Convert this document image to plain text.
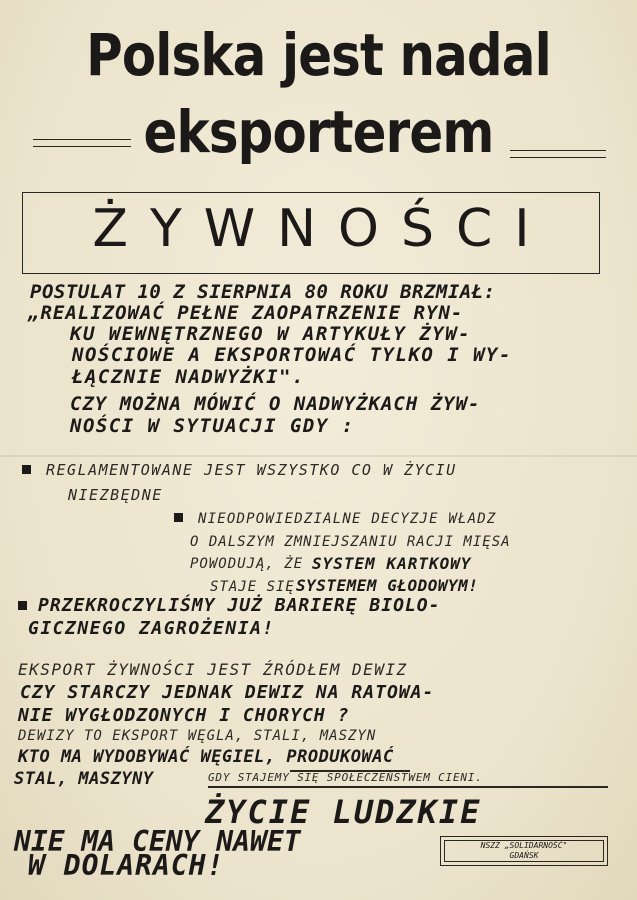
Polska jest nadal
eksporterem
ŻYWNOŚCI
POSTULAT 10 Z SIERPNIA 80 ROKU BRZMIAŁ:
„REALIZOWAĆ PEŁNE ZAOPATRZENIE RYN-
KU WEWNĘTRZNEGO W ARTYKUŁY ŻYW-
NOŚCIOWE A EKSPORTOWAĆ TYLKO I WY-
ŁĄCZNIE NADWYŻKI".
CZY MOŻNA MÓWIĆ O NADWYŻKACH ŻYW-
NOŚCI W SYTUACJI GDY :
REGLAMENTOWANE JEST WSZYSTKO CO W ŻYCIU
NIEZBĘDNE
NIEODPOWIEDZIALNE DECYZJE WŁADZ
O DALSZYM ZMNIEJSZANIU RACJI MIĘSA
POWODUJĄ, ŻE SYSTEM KARTKOWY
STAJE SIĘ SYSTEMEM GŁODOWYM!
PRZEKROCZYLIŚMY JUŻ BARIERĘ BIOLO-
GICZNEGO ZAGROŻENIA!
EKSPORT ŻYWNOŚCI JEST ŹRÓDŁEM DEWIZ
CZY STARCZY JEDNAK DEWIZ NA RATOWA-
NIE WYGŁODZONYCH I CHORYCH ?
DEWIZY TO EKSPORT WĘGLA, STALI, MASZYN
KTO MA WYDOBYWAĆ WĘGIEL, PRODUKOWAĆ
STAL, MASZYNY	GDY STAJEMY SIĘ SPOŁECZEŃSTWEM CIENI.
ŻYCIE LUDZKIE
NIE MA CENY NAWET
W DOLARACH!
NSZZ „SOLIDARNOŚĆ"
GDAŃSK
